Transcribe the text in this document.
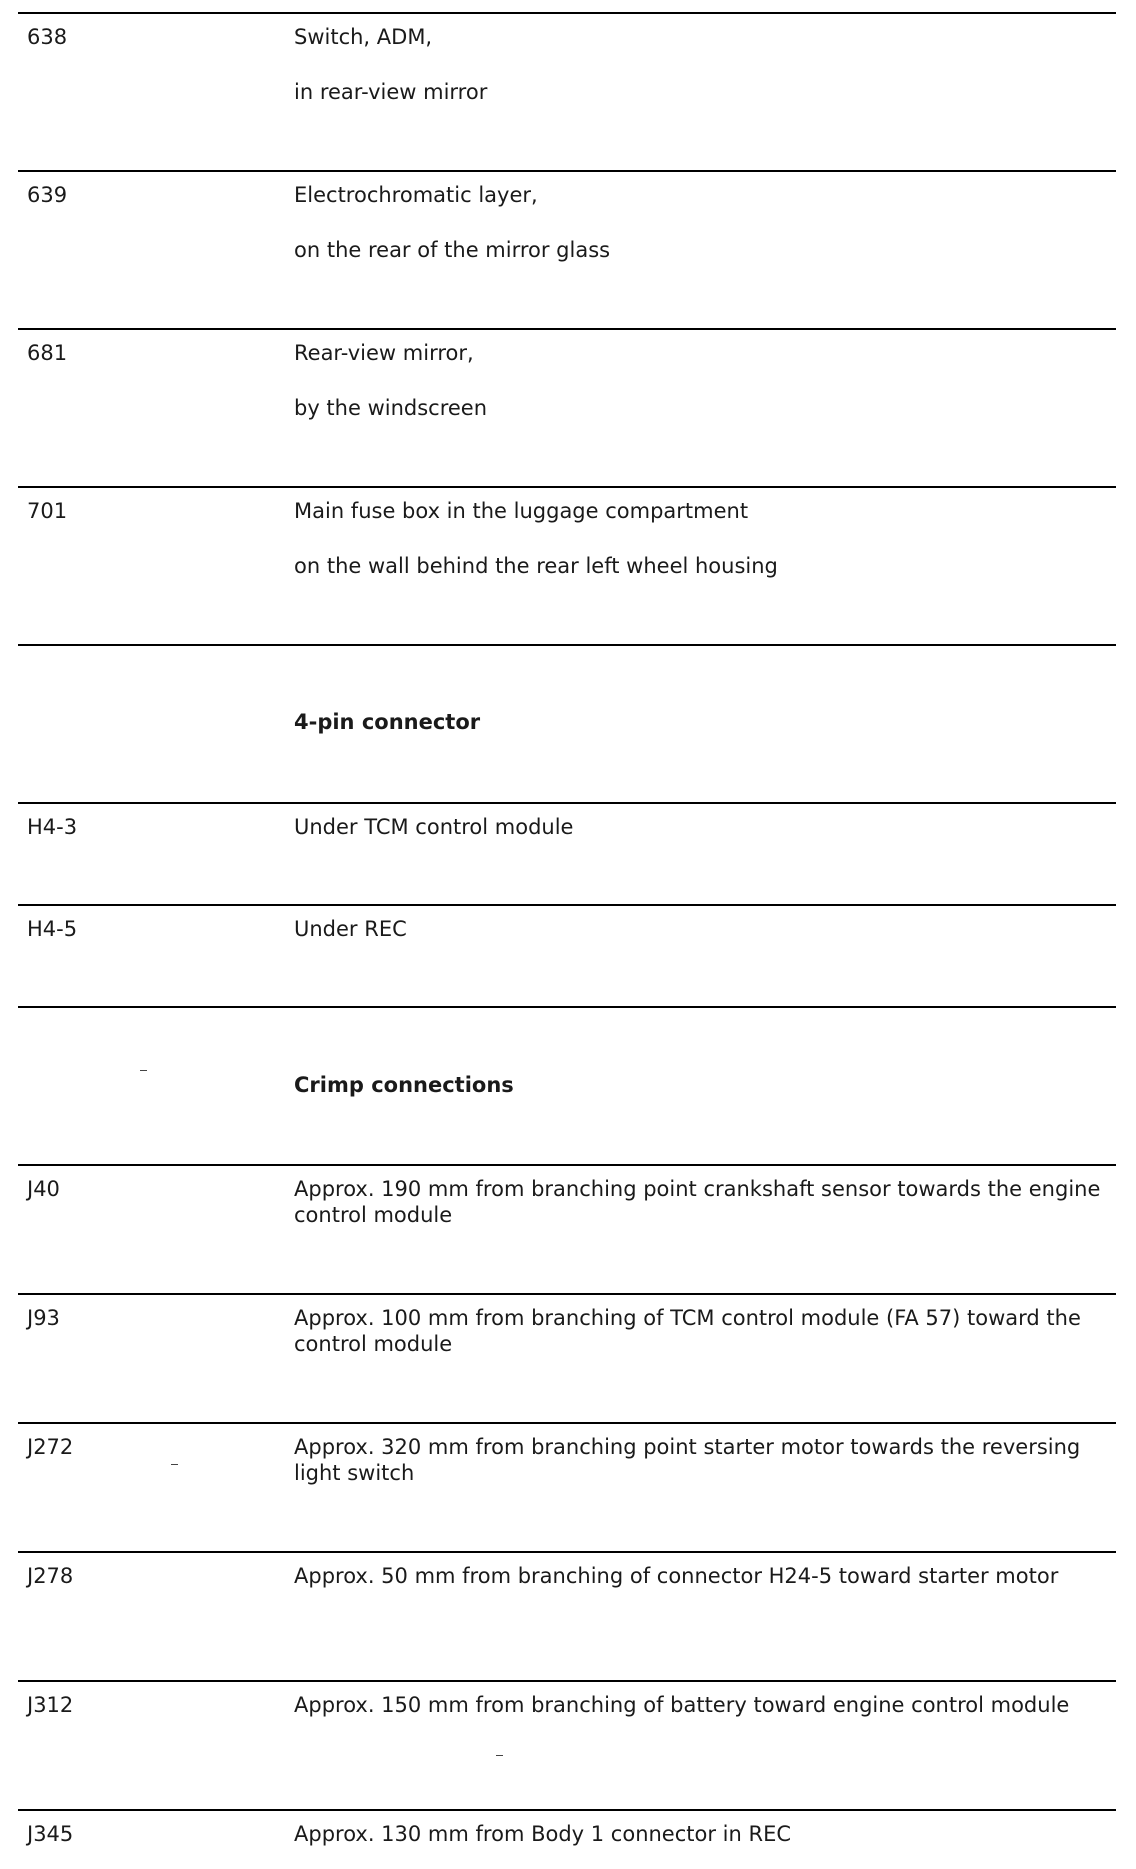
638	Switch, ADM,
in rear-view mirror
639	Electrochromatic layer,
on the rear of the mirror glass
681	Rear-view mirror,
by the windscreen
701	Main fuse box in the luggage compartment
on the wall behind the rear left wheel housing
4-pin connector
H4-3	Under TCM control module
H4-5	Under REC
Crimp connections
J40	Approx. 190 mm from branching point crankshaft sensor towards the engine control module
J93	Approx. 100 mm from branching of TCM control module (FA 57) toward the control module
J272	Approx. 320 mm from branching point starter motor towards the reversing light switch
J278	Approx. 50 mm from branching of connector H24-5 toward starter motor
J312	Approx. 150 mm from branching of battery toward engine control module
J345	Approx. 130 mm from Body 1 connector in REC
